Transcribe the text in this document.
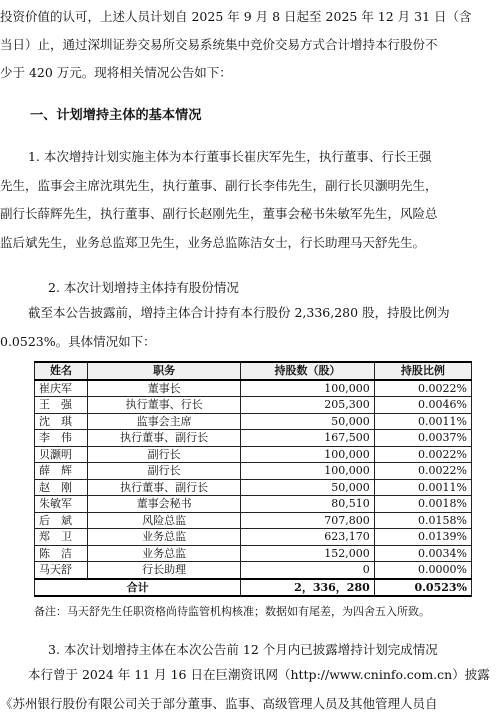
投资价值的认可，上述人员计划自 2025 年 9 月 8 日起至 2025 年 12 月 31 日（含

当日）止，通过深圳证券交易所交易系统集中竞价交易方式合计增持本行股份不

少于 420 万元。现将相关情况公告如下：

一、计划增持主体的基本情况

1. 本次增持计划实施主体为本行董事长崔庆军先生，执行董事、行长王强

先生，监事会主席沈琪先生，执行董事、副行长李伟先生，副行长贝灏明先生，

副行长薛辉先生，执行董事、副行长赵刚先生，董事会秘书朱敏军先生，风险总

监后斌先生，业务总监郑卫先生，业务总监陈洁女士，行长助理马天舒先生。

2. 本次计划增持主体持有股份情况

截至本公告披露前，增持主体合计持有本行股份 2,336,280 股，持股比例为

0.0523%。具体情况如下：

姓名	职务	持股数（股）	持股比例
崔庆军	董事长	100,000	0.0022%
王　强	执行董事、行长	205,300	0.0046%
沈　琪	监事会主席	50,000	0.0011%
李　伟	执行董事、副行长	167,500	0.0037%
贝灏明	副行长	100,000	0.0022%
薛　辉	副行长	100,000	0.0022%
赵　刚	执行董事、副行长	50,000	0.0011%
朱敏军	董事会秘书	80,510	0.0018%
后　斌	风险总监	707,800	0.0158%
郑　卫	业务总监	623,170	0.0139%
陈　洁	业务总监	152,000	0.0034%
马天舒	行长助理	0	0.0000%
合计		2，336，280	0.0523%

备注：马天舒先生任职资格尚待监管机构核准；数据如有尾差，为四舍五入所致。

3. 本次计划增持主体在本次公告前 12 个月内已披露增持计划完成情况

本行曾于 2024 年 11 月 16 日在巨潮资讯网（http://www.cninfo.com.cn）披露

《苏州银行股份有限公司关于部分董事、监事、高级管理人员及其他管理人员自
